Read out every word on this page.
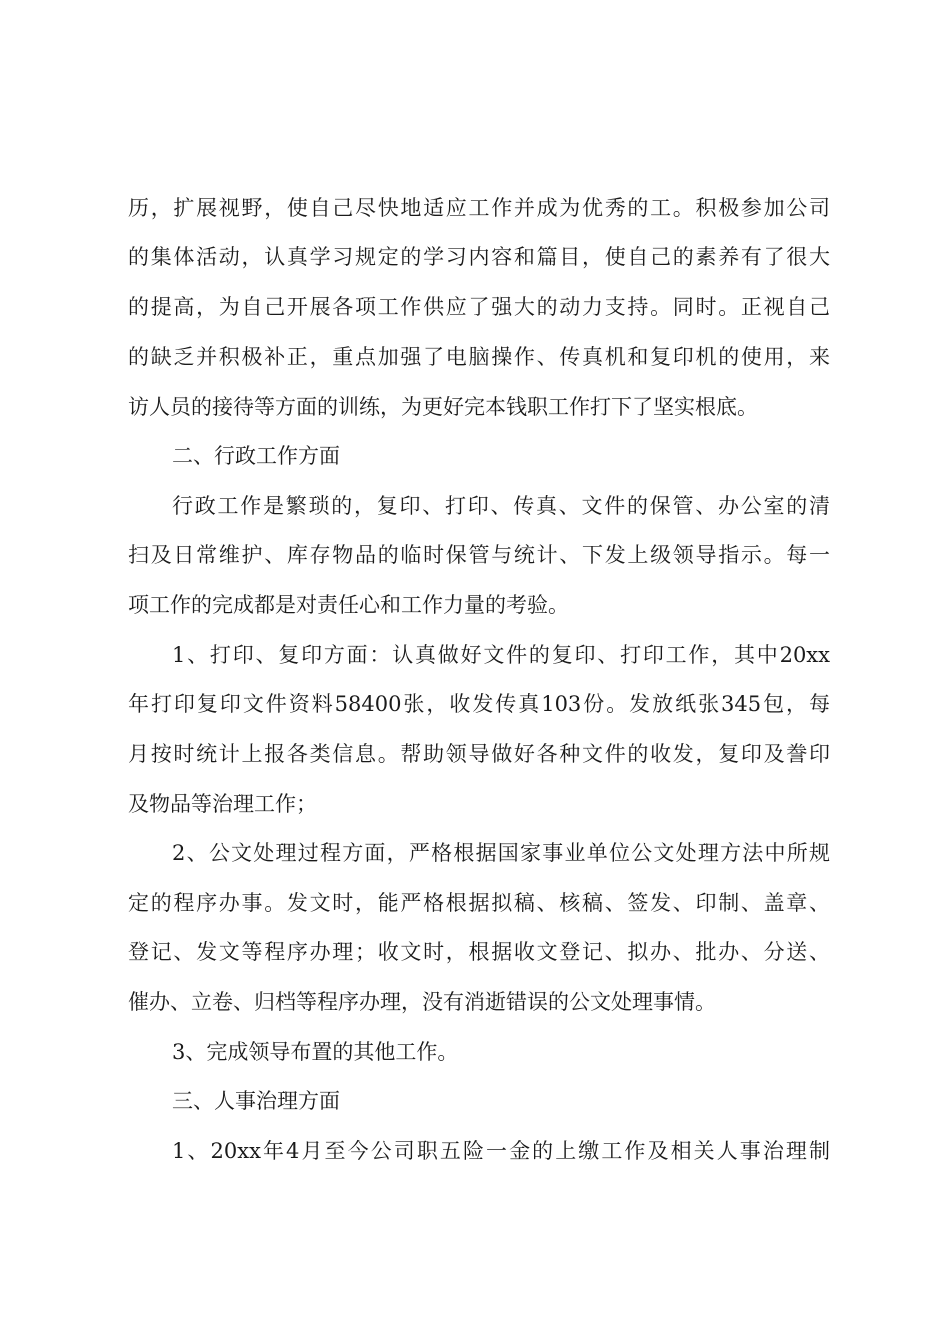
历，扩展视野，使自己尽快地适应工作并成为优秀的工。积极参加公司
的集体活动，认真学习规定的学习内容和篇目，使自己的素养有了很大
的提高，为自己开展各项工作供应了强大的动力支持。同时。正视自己
的缺乏并积极补正，重点加强了电脑操作、传真机和复印机的使用，来
访人员的接待等方面的训练，为更好完本钱职工作打下了坚实根底。
二、行政工作方面
行政工作是繁琐的，复印、打印、传真、文件的保管、办公室的清
扫及日常维护、库存物品的临时保管与统计、下发上级领导指示。每一
项工作的完成都是对责任心和工作力量的考验。
1、打印、复印方面：认真做好文件的复印、打印工作，其中20xx
年打印复印文件资料58400张，收发传真103份。发放纸张345包，每
月按时统计上报各类信息。帮助领导做好各种文件的收发，复印及誊印
及物品等治理工作；
2、公文处理过程方面，严格根据国家事业单位公文处理方法中所规
定的程序办事。发文时，能严格根据拟稿、核稿、签发、印制、盖章、
登记、发文等程序办理；收文时，根据收文登记、拟办、批办、分送、
催办、立卷、归档等程序办理，没有消逝错误的公文处理事情。
3、完成领导布置的其他工作。
三、人事治理方面
1、20xx年4月至今公司职五险一金的上缴工作及相关人事治理制
